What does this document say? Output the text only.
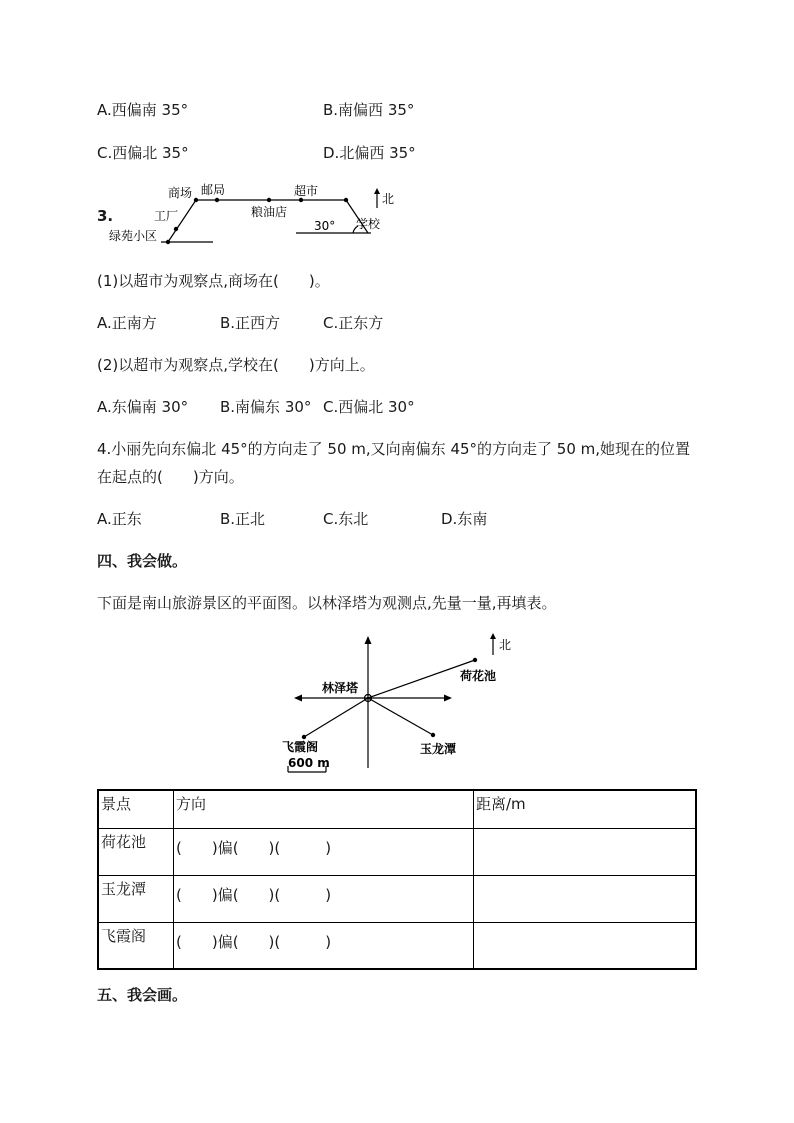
A.西偏南 35°	B.南偏西 35°
C.西偏北 35°	D.北偏西 35°
3.
商场 邮局	超市
北
工厂	粮油店
30° 学校
绿苑小区
(1)以超市为观察点,商场在(　　)。
A.正南方	B.正西方	C.正东方
(2)以超市为观察点,学校在(　　)方向上。
A.东偏南 30° B.南偏东 30° C.西偏北 30°
4.小丽先向东偏北 45°的方向走了 50 m,又向南偏东 45°的方向走了 50 m,她现在的位置
在起点的(　　)方向。
A.正东	B.正北	C.东北	D.东南
四、我会做。
下面是南山旅游景区的平面图。以林泽塔为观测点,先量一量,再填表。
北
林泽塔
荷花池
飞霞阁	玉龙潭
600 m
景点	方向	距离/m
荷花池	(　　)偏(　　)(　　　)	
玉龙潭	(　　)偏(　　)(　　　)	
飞霞阁	(　　)偏(　　)(　　　)	
五、我会画。
